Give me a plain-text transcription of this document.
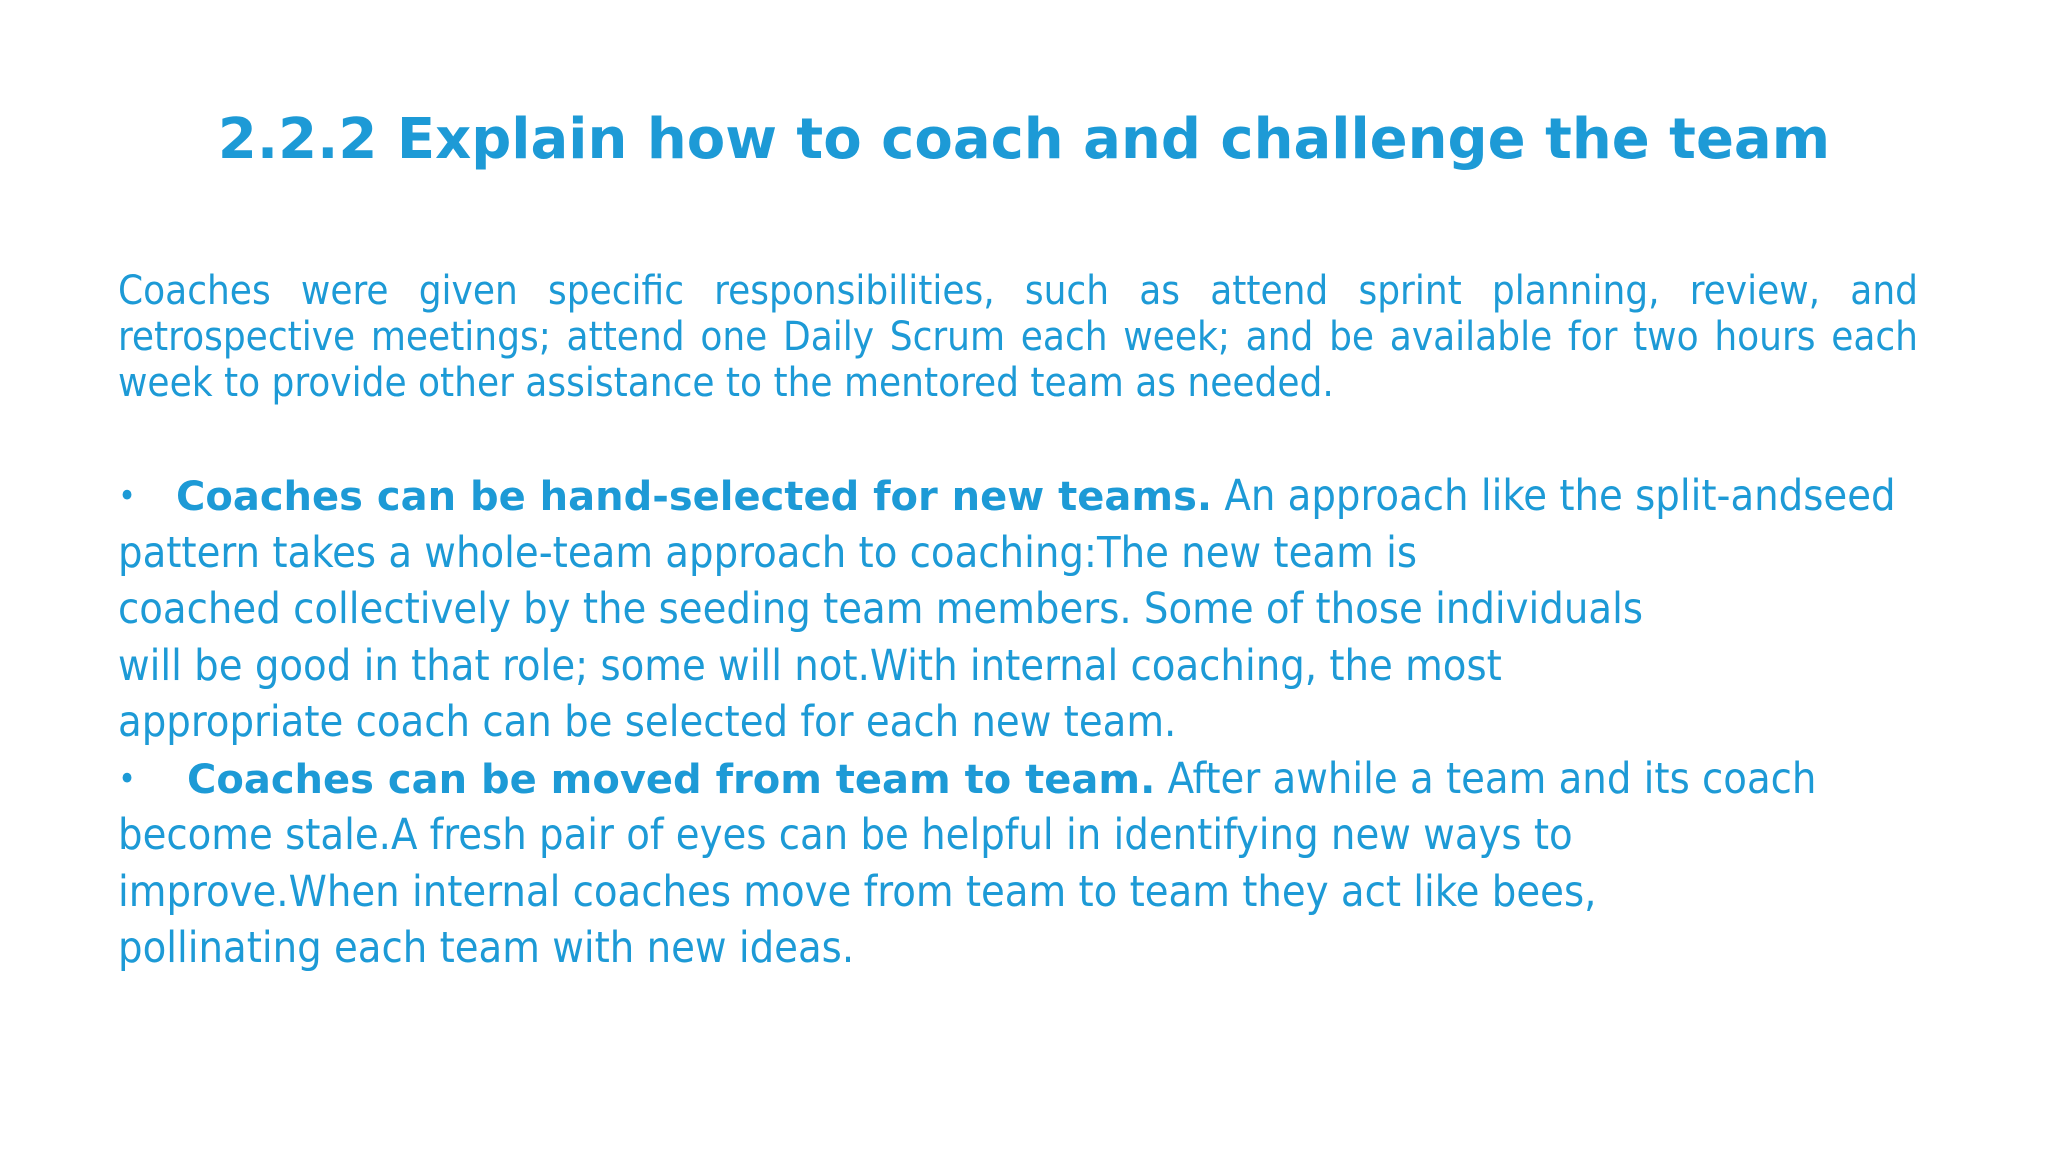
2.2.2 Explain how to coach and challenge the team
Coaches were given specific responsibilities, such as attend sprint planning, review, and
retrospective meetings; attend one Daily Scrum each week; and be available for two hours each
week to provide other assistance to the mentored team as needed.
• Coaches can be hand-selected for new teams. An approach like the split-andseed
pattern takes a whole-team approach to coaching:The new team is
coached collectively by the seeding team members. Some of those individuals
will be good in that role; some will not.With internal coaching, the most
appropriate coach can be selected for each new team.
• Coaches can be moved from team to team. After awhile a team and its coach
become stale.A fresh pair of eyes can be helpful in identifying new ways to
improve.When internal coaches move from team to team they act like bees,
pollinating each team with new ideas.
